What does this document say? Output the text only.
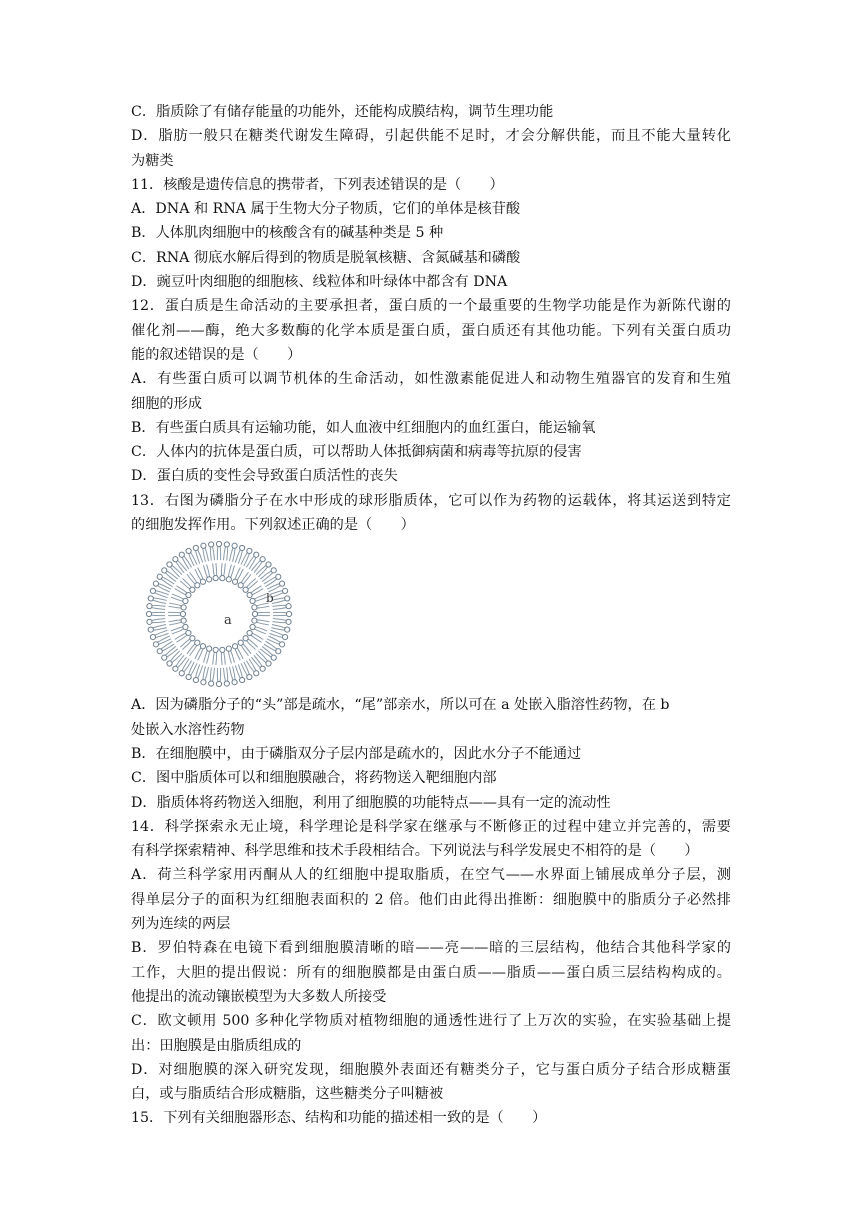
C．脂质除了有储存能量的功能外，还能构成膜结构，调节生理功能
D．脂肪一般只在糖类代谢发生障碍，引起供能不足时，才会分解供能，而且不能大量转化
为糖类
11．核酸是遗传信息的携带者，下列表述错误的是（　　）
A．DNA 和 RNA 属于生物大分子物质，它们的单体是核苷酸
B．人体肌肉细胞中的核酸含有的碱基种类是 5 种
C．RNA 彻底水解后得到的物质是脱氧核糖、含氮碱基和磷酸
D．豌豆叶肉细胞的细胞核、线粒体和叶绿体中都含有 DNA
12．蛋白质是生命活动的主要承担者，蛋白质的一个最重要的生物学功能是作为新陈代谢的
催化剂——酶，绝大多数酶的化学本质是蛋白质，蛋白质还有其他功能。下列有关蛋白质功
能的叙述错误的是（　　）
A．有些蛋白质可以调节机体的生命活动，如性激素能促进人和动物生殖器官的发育和生殖
细胞的形成
B．有些蛋白质具有运输功能，如人血液中红细胞内的血红蛋白，能运输氧
C．人体内的抗体是蛋白质，可以帮助人体抵御病菌和病毒等抗原的侵害
D．蛋白质的变性会导致蛋白质活性的丧失
13．右图为磷脂分子在水中形成的球形脂质体，它可以作为药物的运载体，将其运送到特定
的细胞发挥作用。下列叙述正确的是（　　）
a
b
A．因为磷脂分子的“头”部是疏水，“尾”部亲水，所以可在 a 处嵌入脂溶性药物，在 b
处嵌入水溶性药物
B．在细胞膜中，由于磷脂双分子层内部是疏水的，因此水分子不能通过
C．图中脂质体可以和细胞膜融合，将药物送入靶细胞内部
D．脂质体将药物送入细胞，利用了细胞膜的功能特点——具有一定的流动性
14．科学探索永无止境，科学理论是科学家在继承与不断修正的过程中建立并完善的，需要
有科学探索精神、科学思维和技术手段相结合。下列说法与科学发展史不相符的是（　　）
A．荷兰科学家用丙酮从人的红细胞中提取脂质，在空气——水界面上铺展成单分子层，测
得单层分子的面积为红细胞表面积的 2 倍。他们由此得出推断：细胞膜中的脂质分子必然排
列为连续的两层
B．罗伯特森在电镜下看到细胞膜清晰的暗——亮——暗的三层结构，他结合其他科学家的
工作，大胆的提出假说：所有的细胞膜都是由蛋白质——脂质——蛋白质三层结构构成的。
他提出的流动镶嵌模型为大多数人所接受
C．欧文顿用 500 多种化学物质对植物细胞的通透性进行了上万次的实验，在实验基础上提
出：田胞膜是由脂质组成的
D．对细胞膜的深入研究发现，细胞膜外表面还有糖类分子，它与蛋白质分子结合形成糖蛋
白，或与脂质结合形成糖脂，这些糖类分子叫糖被
15．下列有关细胞器形态、结构和功能的描述相一致的是（　　）
